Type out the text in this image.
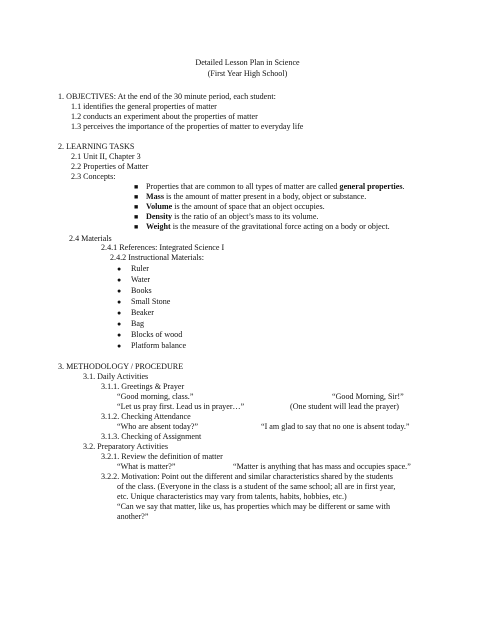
Detailed Lesson Plan in Science
(First Year High School)
1. OBJECTIVES: At the end of the 30 minute period, each student:
1.1 identifies the general properties of matter
1.2 conducts an experiment about the properties of matter
1.3 perceives the importance of the properties of matter to everyday life
2. LEARNING TASKS
2.1 Unit II, Chapter 3
2.2 Properties of Matter
2.3 Concepts:
■ Properties that are common to all types of matter are called general properties.
■ Mass is the amount of matter present in a body, object or substance.
■ Volume is the amount of space that an object occupies.
■ Density is the ratio of an object’s mass to its volume.
■ Weight is the measure of the gravitational force acting on a body or object.
2.4 Materials
2.4.1 References: Integrated Science I
2.4.2 Instructional Materials:
● Ruler
● Water
● Books
● Small Stone
● Beaker
● Bag
● Blocks of wood
● Platform balance
3. METHODOLOGY / PROCEDURE
3.1. Daily Activities
3.1.1. Greetings & Prayer
“Good morning, class.”	“Good Morning, Sir!”
“Let us pray first. Lead us in prayer…”	(One student will lead the prayer)
3.1.2. Checking Attendance
“Who are absent today?”	“I am glad to say that no one is absent today.”
3.1.3. Checking of Assignment
3.2. Preparatory Activities
3.2.1. Review the definition of matter
“What is matter?”	“Matter is anything that has mass and occupies space.”
3.2.2. Motivation: Point out the different and similar characteristics shared by the students
of the class. (Everyone in the class is a student of the same school; all are in first year,
etc. Unique characteristics may vary from talents, habits, hobbies, etc.)
“Can we say that matter, like us, has properties which may be different or same with
another?”
